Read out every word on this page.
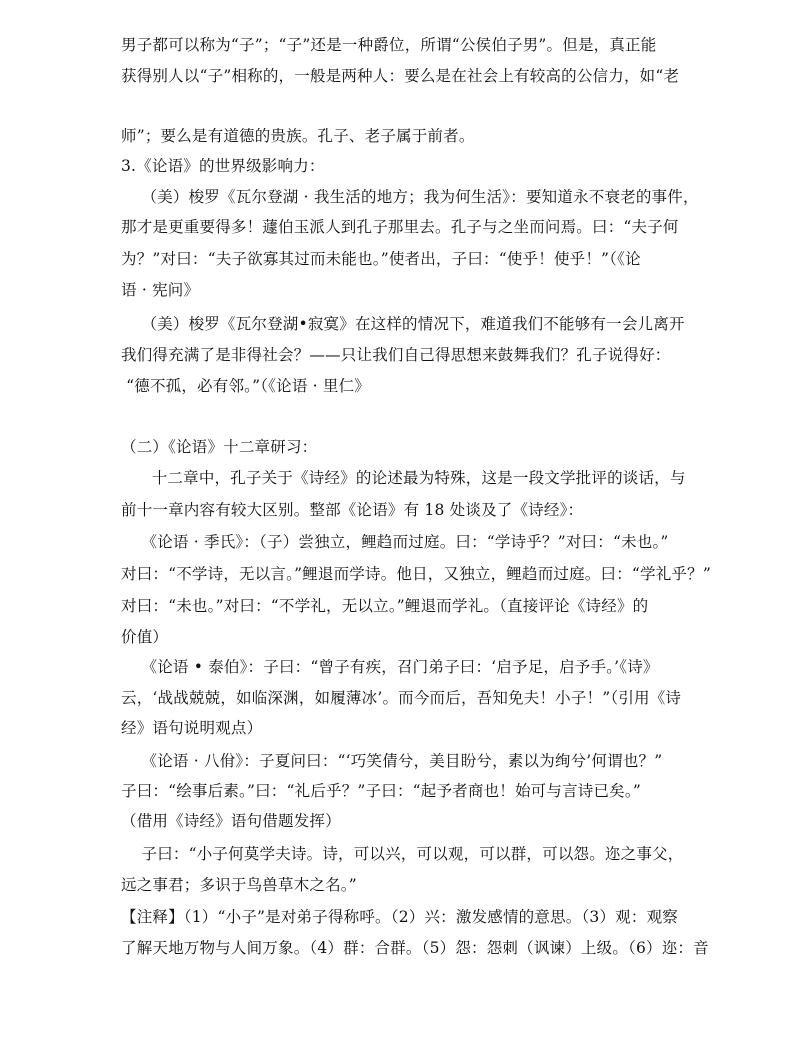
男子都可以称为“子”；“子”还是一种爵位，所谓“公侯伯子男”。但是，真正能
获得别人以“子”相称的，一般是两种人：要么是在社会上有较高的公信力，如“老
师”；要么是有道德的贵族。孔子、老子属于前者。
3.《论语》的世界级影响力：
（美）梭罗《瓦尔登湖 · 我生活的地方；我为何生活》：要知道永不衰老的事件，
那才是更重要得多！蘧伯玉派人到孔子那里去。孔子与之坐而问焉。曰：“夫子何
为？”对曰：“夫子欲寡其过而未能也。”使者出，子曰：“使乎！使乎！”（《论
语 · 宪问》
（美）梭罗《瓦尔登湖•寂寞》在这样的情况下，难道我们不能够有一会儿离开
我们得充满了是非得社会？——只让我们自己得思想来鼓舞我们？孔子说得好：
“德不孤，必有邻。”（《论语 · 里仁》
（二）《论语》十二章研习：
十二章中，孔子关于《诗经》的论述最为特殊，这是一段文学批评的谈话，与
前十一章内容有较大区别。整部《论语》有 18 处谈及了《诗经》：
《论语 · 季氏》：（子）尝独立，鲤趋而过庭。曰：“学诗乎？”对曰：“未也。”
对曰：“不学诗，无以言。”鲤退而学诗。他日，又独立，鲤趋而过庭。曰：“学礼乎？”
对曰：“未也。”对曰：“不学礼，无以立。”鲤退而学礼。（直接评论《诗经》的
价值）
《论语 • 泰伯》：子曰：“曾子有疾，召门弟子曰：‘启予足，启予手。’《诗》
云，‘战战兢兢，如临深渊，如履薄冰’。而今而后，吾知免夫！小子！”（引用《诗
经》语句说明观点）
《论语 · 八佾》：子夏问曰：“‘巧笑倩兮，美目盼兮，素以为绚兮’何谓也？”
子曰：“绘事后素。”曰：“礼后乎？”子曰：“起予者商也！始可与言诗已矣。”
（借用《诗经》语句借题发挥）
子曰：“小子何莫学夫诗。诗，可以兴，可以观，可以群，可以怨。迩之事父，
远之事君；多识于鸟兽草木之名。”
【注释】（1）“小子”是对弟子得称呼。（2）兴：激发感情的意思。（3）观：观察
了解天地万物与人间万象。（4）群：合群。（5）怨：怨刺（讽谏）上级。（6）迩：音
